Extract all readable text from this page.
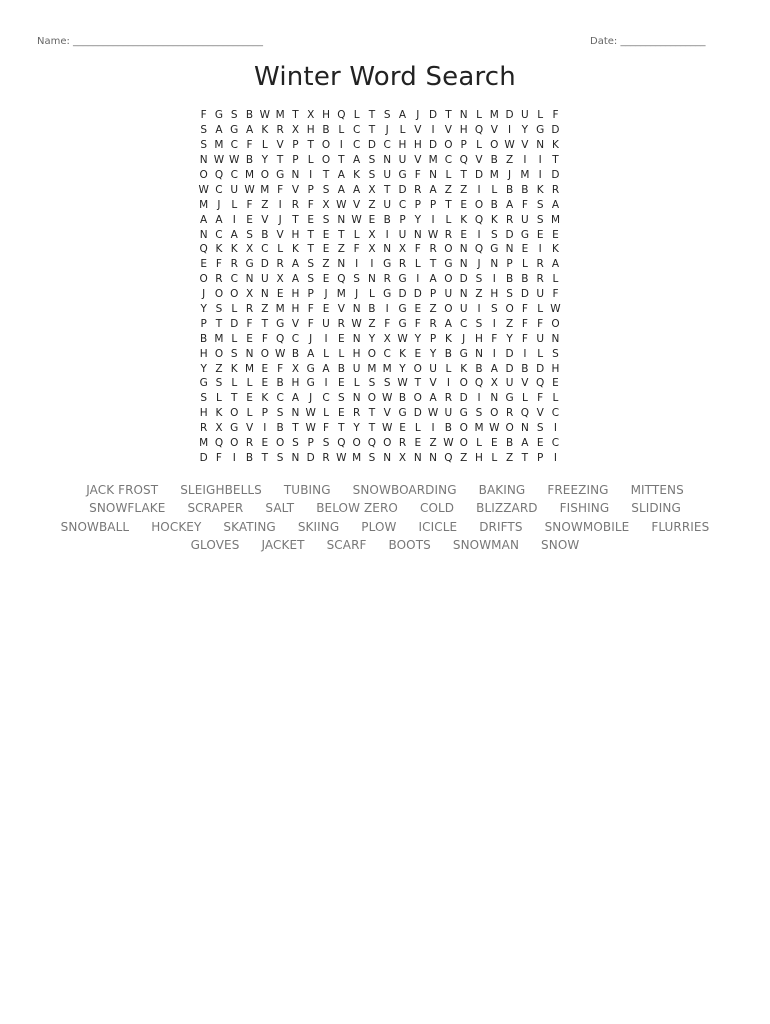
Name: ______________________________________	Date: _________________
Winter Word Search
F G S B W M T X H Q L T S A J D T N L M D U L F
S A G A K R X H B L C T	J	L V I V H Q V I	Y G D
S M C F L V P T O I C D C H H D O P L O W V N K
N W W B Y T P L O T A S N U V M C Q V B Z I	I	T
O Q C M O G N I	T A K S U G F N L T D M J M I D
W C U W M F V P S A A X T D R A Z Z I	L B B K R
M J	L F Z I R F X W V Z U C P P T E O B A F S A
A A I E V J	T E S N W E B P Y	I	L K Q K R U S M
N C A S B V H T E T L X I U N W R E I S D G E E
Q K K X C L K T E Z F X N X F R O N Q G N E I K
E F R G D R A S Z N I	I G R L T G N J N P L R A
O R C N U X A S E Q S N R G I A O D S I B B R L
J O O X N E H P	J M J	L G D D P U N Z H S D U F
Y S L R Z M H F E V N B I G E Z O U I S O F L W
P T D F T G V F U R W Z F G F R A C S I Z F F O
B M L E F Q C J	I E N Y X W Y P K J H F Y F U N
H O S N O W B A L L H O C K E Y B G N I D I	L S
Y Z K M E F X G A B U M M Y O U L K B A D B D H
G S L L E B H G I E L S S W T V I O Q X U V Q E
S L T E K C A J C S N O W B O A R D I N G L F L
H K O L P S N W L E R T V G D W U G S O R Q V C
R X G V I B T W F T Y T W E L	I B O M W O N S I
M Q O R E O S P S Q O Q O R E Z W O L E B A E C
D F	I B T S N D R W M S N X N N Q Z H L Z T P	I
JACK FROST SLEIGHBELLS TUBING SNOWBOARDING BAKING FREEZING MITTENS
SNOWFLAKE SCRAPER SALT BELOW ZERO COLD BLIZZARD FISHING SLIDING
SNOWBALL HOCKEY SKATING SKIING PLOW ICICLE DRIFTS SNOWMOBILE FLURRIES
GLOVES JACKET SCARF BOOTS SNOWMAN SNOW
